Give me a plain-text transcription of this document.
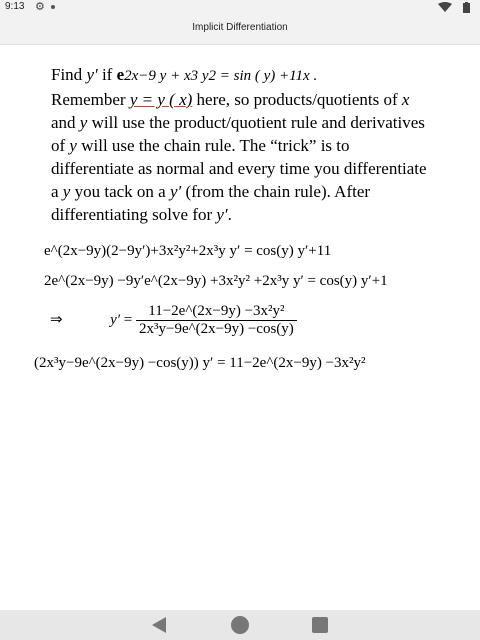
9:13 ⚙
Implicit Differentiation
Find y′ if e2x−9 y + x3 y2 = sin ( y) +11x .
Remember y = y ( x) here, so products/quotients of x and y will use the product/quotient rule and derivatives of y will use the chain rule. The “trick” is to differentiate as normal and every time you differentiate a y you tack on a y′ (from the chain rule). After differentiating solve for y′.
e^(2x−9y)(2−9y′)+3x²y²+2x³y y′ = cos(y) y′+11
2e^(2x−9y) −9y′e^(2x−9y) +3x²y² +2x³y y′ = cos(y) y′+1
⇒	$y' = \frac{\text{11−2e\textasciicircum{}(2x−9y) −3x²y²}}{\text{2x³y−9e\textasciicircum{}(2x−9y) −cos(y)}}$
(2x³y−9e^(2x−9y) −cos(y)) y′ = 11−2e^(2x−9y) −3x²y²
